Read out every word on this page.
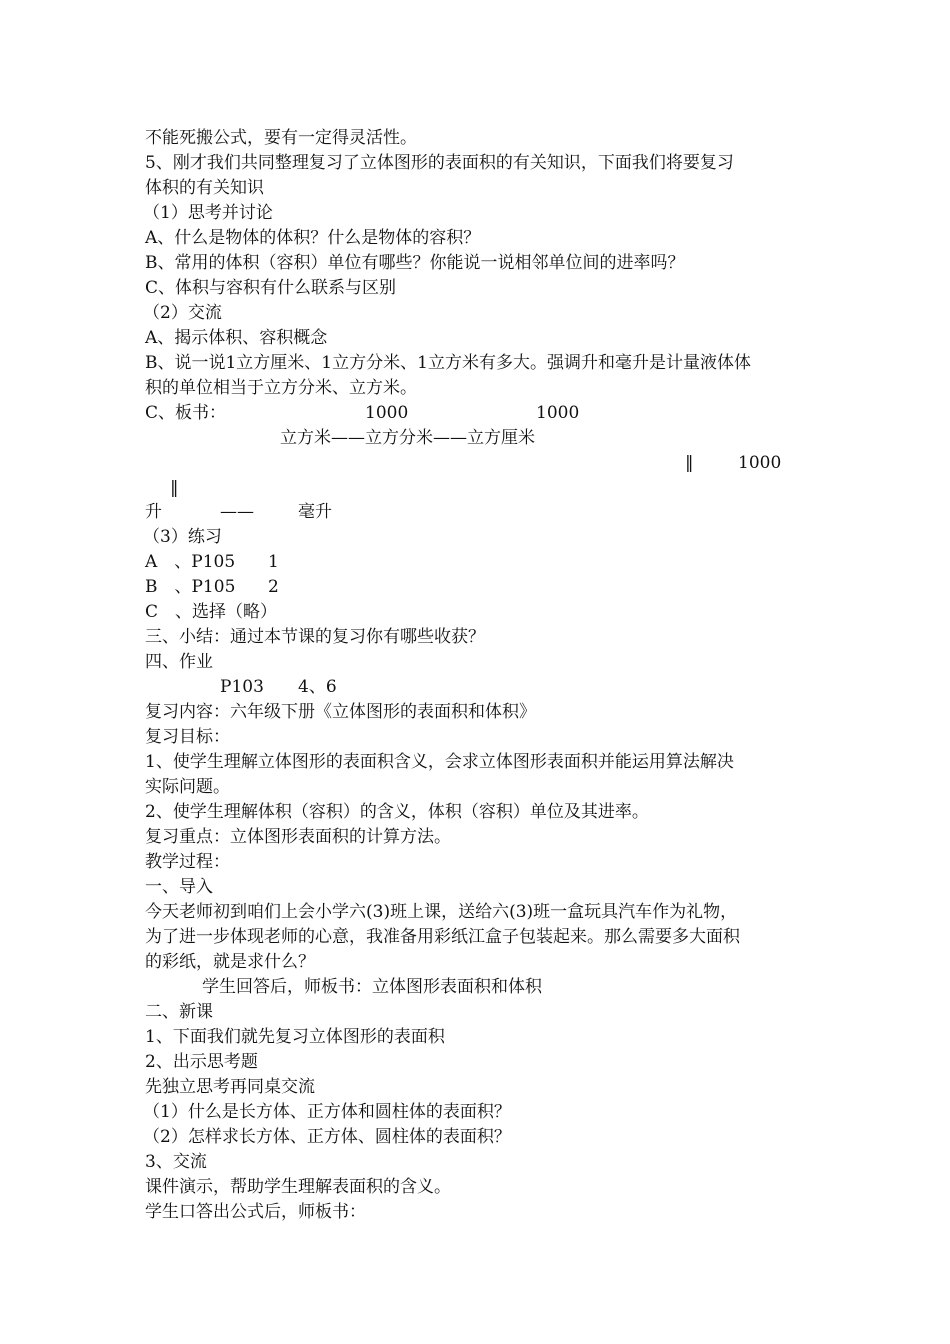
不能死搬公式，要有一定得灵活性。
5、刚才我们共同整理复习了立体图形的表面积的有关知识，下面我们将要复习
体积的有关知识
（1）思考并讨论
A、什么是物体的体积？什么是物体的容积？
B、常用的体积（容积）单位有哪些？你能说一说相邻单位间的进率吗？
C、体积与容积有什么联系与区别
（2）交流
A、揭示体积、容积概念
B、说一说1立方厘米、1立方分米、1立方米有多大。强调升和毫升是计量液体体
积的单位相当于立方分米、立方米。
C、板书：	1000	1000
立方米——立方分米——立方厘米
‖	1000
‖
升	——	毫升
（3）练习
A　、P105 1
B　、P105 2
C　、选择（略）
三、小结：通过本节课的复习你有哪些收获？
四、作业
P103 4、6
复习内容：六年级下册《立体图形的表面积和体积》
复习目标：
1、使学生理解立体图形的表面积含义，会求立体图形表面积并能运用算法解决
实际问题。
2、使学生理解体积（容积）的含义，体积（容积）单位及其进率。
复习重点：立体图形表面积的计算方法。
教学过程：
一、导入
今天老师初到咱们上会小学六(3)班上课，送给六(3)班一盒玩具汽车作为礼物，
为了进一步体现老师的心意，我准备用彩纸江盒子包装起来。那么需要多大面积
的彩纸，就是求什么？
学生回答后，师板书：立体图形表面积和体积
二、新课
1、下面我们就先复习立体图形的表面积
2、出示思考题
先独立思考再同桌交流
（1）什么是长方体、正方体和圆柱体的表面积？
（2）怎样求长方体、正方体、圆柱体的表面积？
3、交流
课件演示，帮助学生理解表面积的含义。
学生口答出公式后，师板书：
